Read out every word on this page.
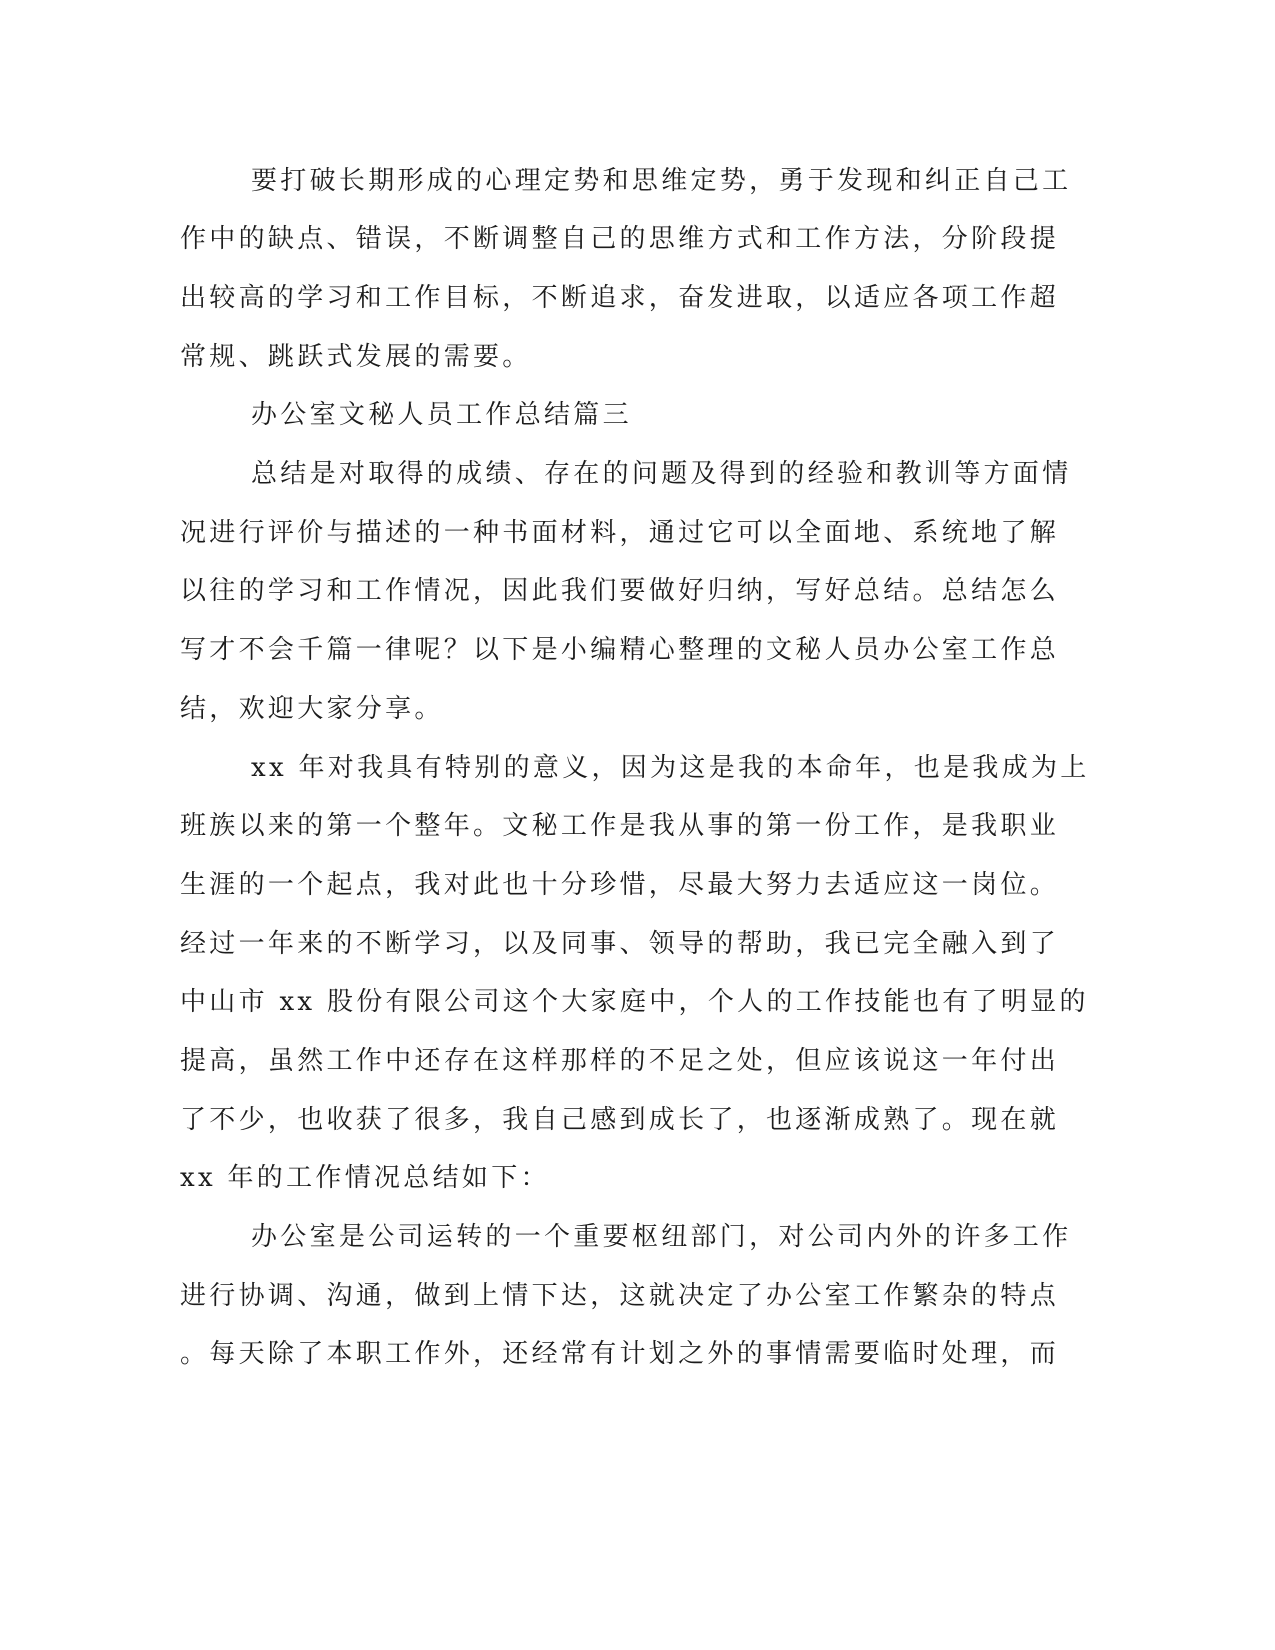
要打破长期形成的心理定势和思维定势，勇于发现和纠正自己工

作中的缺点、错误，不断调整自己的思维方式和工作方法，分阶段提

出较高的学习和工作目标，不断追求，奋发进取，以适应各项工作超

常规、跳跃式发展的需要。

办公室文秘人员工作总结篇三

总结是对取得的成绩、存在的问题及得到的经验和教训等方面情

况进行评价与描述的一种书面材料，通过它可以全面地、系统地了解

以往的学习和工作情况，因此我们要做好归纳，写好总结。总结怎么

写才不会千篇一律呢？以下是小编精心整理的文秘人员办公室工作总

结，欢迎大家分享。

xx 年对我具有特别的意义，因为这是我的本命年，也是我成为上

班族以来的第一个整年。文秘工作是我从事的第一份工作，是我职业

生涯的一个起点，我对此也十分珍惜，尽最大努力去适应这一岗位。

经过一年来的不断学习，以及同事、领导的帮助，我已完全融入到了

中山市 xx 股份有限公司这个大家庭中，个人的工作技能也有了明显的

提高，虽然工作中还存在这样那样的不足之处，但应该说这一年付出

了不少，也收获了很多，我自己感到成长了，也逐渐成熟了。现在就

xx 年的工作情况总结如下：

办公室是公司运转的一个重要枢纽部门，对公司内外的许多工作

进行协调、沟通，做到上情下达，这就决定了办公室工作繁杂的特点

。每天除了本职工作外，还经常有计划之外的事情需要临时处理，而
